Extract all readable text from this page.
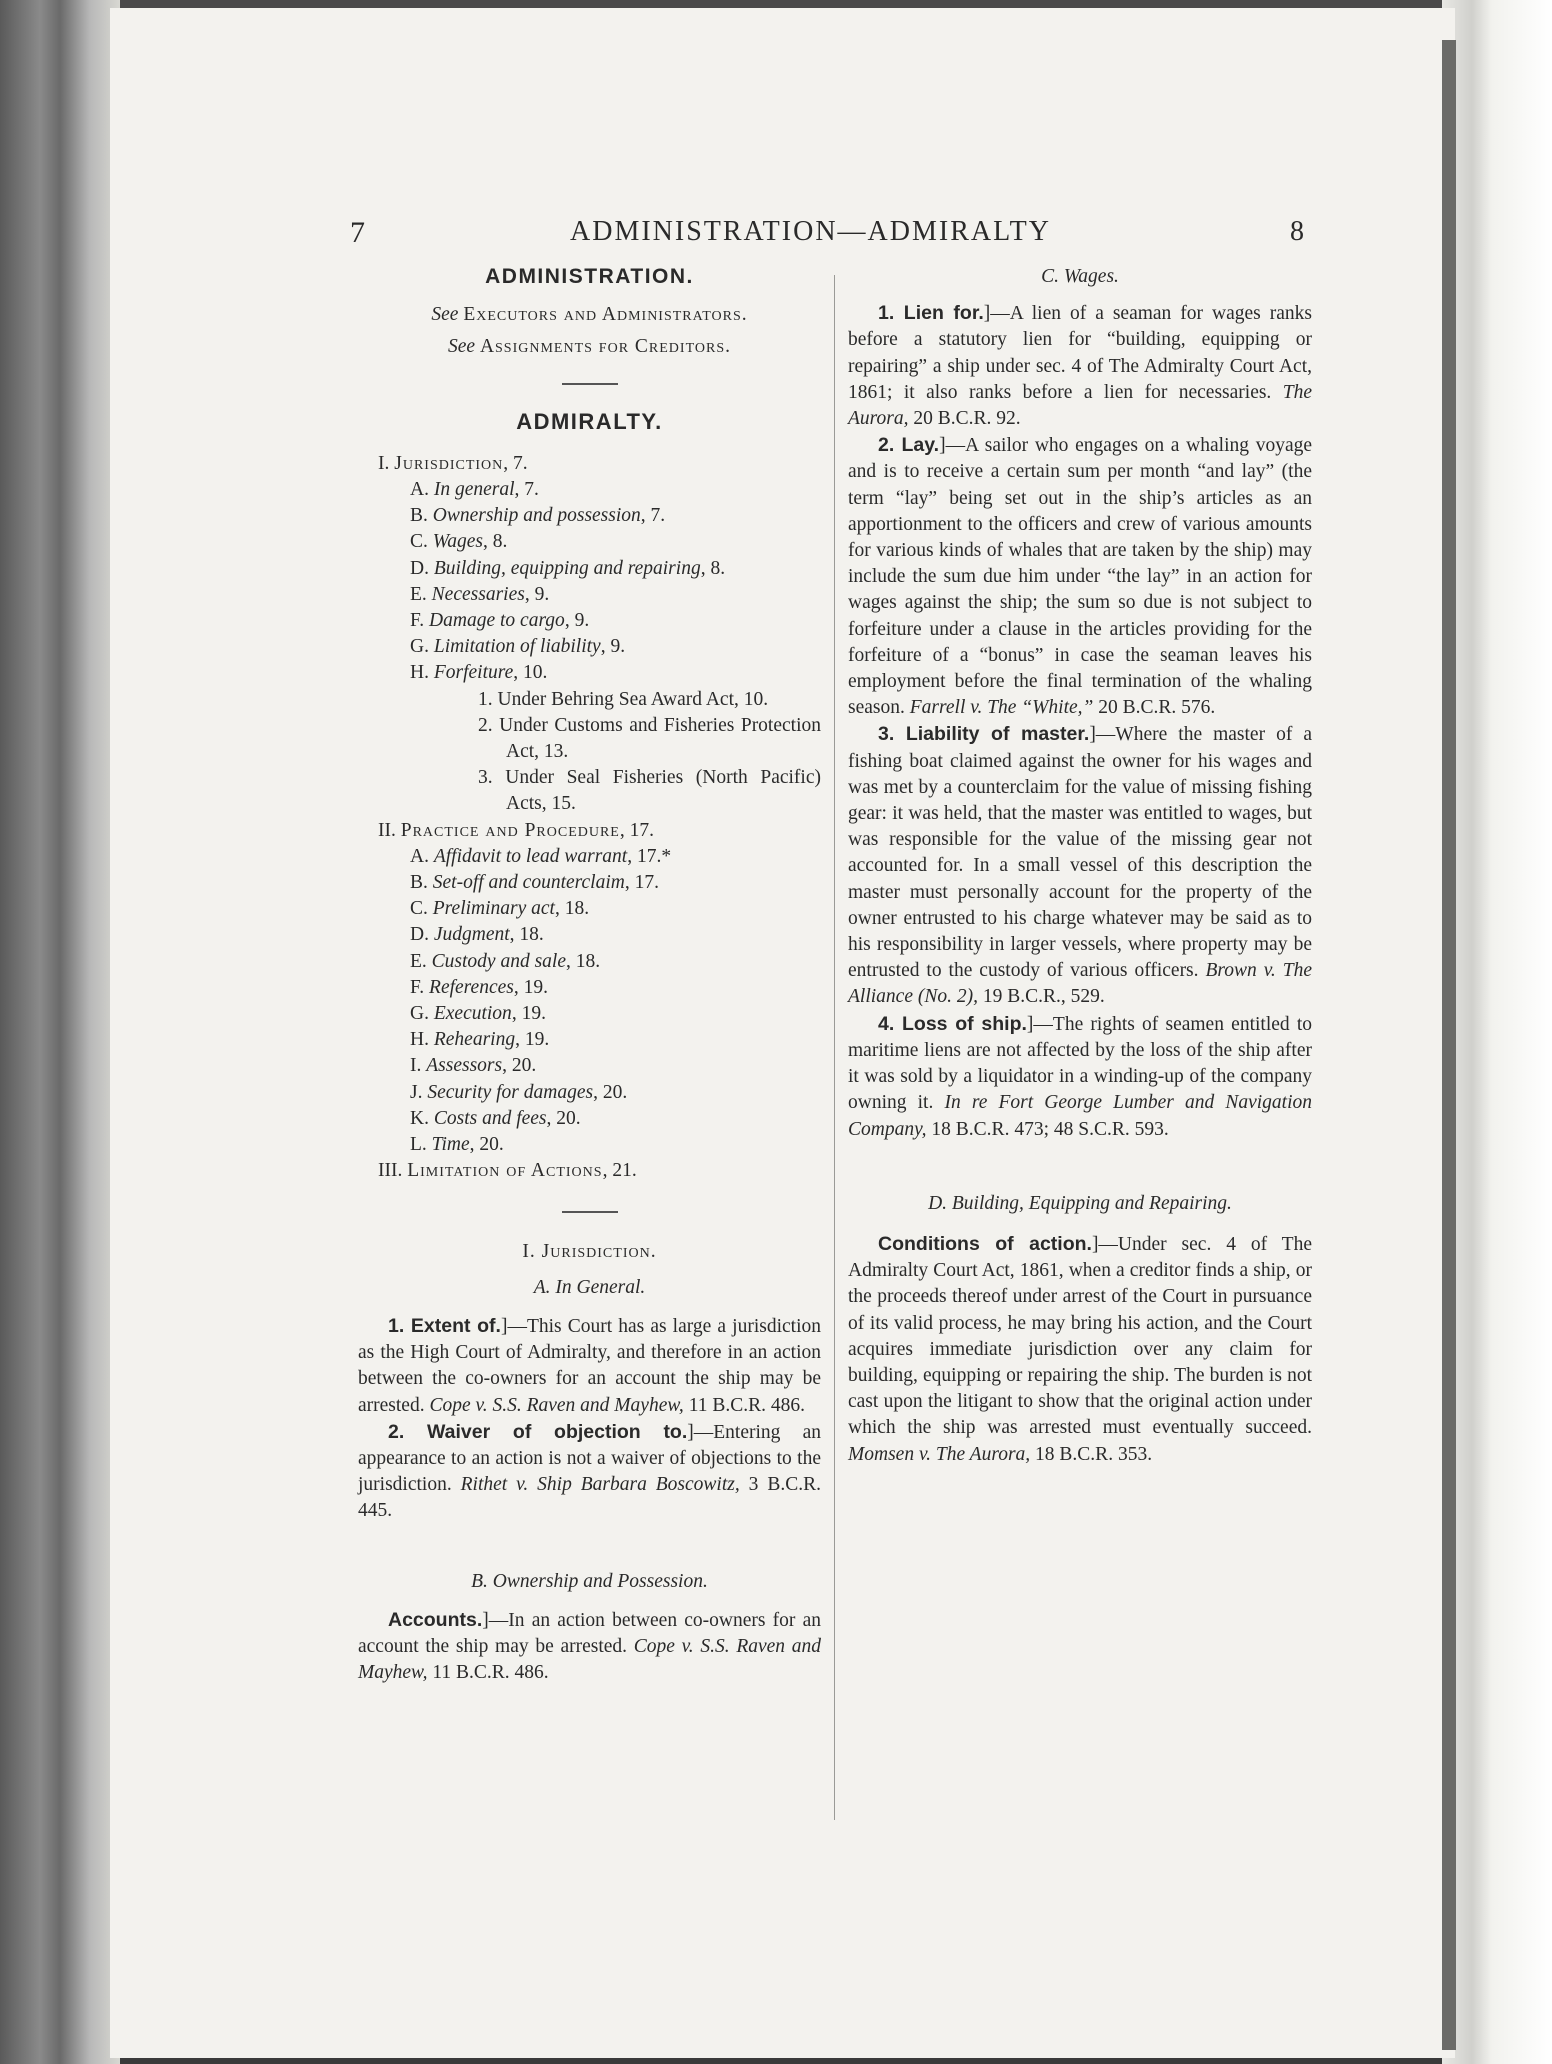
7	ADMINISTRATION—ADMIRALTY	8

ADMINISTRATION.

See Executors and Administrators.

See Assignments for Creditors.

ADMIRALTY.

I. Jurisdiction, 7.
A. In general, 7.
B. Ownership and possession, 7.
C. Wages, 8.
D. Building, equipping and repairing, 8.
E. Necessaries, 9.
F. Damage to cargo, 9.
G. Limitation of liability, 9.
H. Forfeiture, 10.
1. Under Behring Sea Award Act, 10.
2. Under Customs and Fisheries Protection Act, 13.
3. Under Seal Fisheries (North Pacific) Acts, 15.
II. Practice and Procedure, 17.
A. Affidavit to lead warrant, 17.*
B. Set-off and counterclaim, 17.
C. Preliminary act, 18.
D. Judgment, 18.
E. Custody and sale, 18.
F. References, 19.
G. Execution, 19.
H. Rehearing, 19.
I. Assessors, 20.
J. Security for damages, 20.
K. Costs and fees, 20.
L. Time, 20.
III. Limitation of Actions, 21.

I. Jurisdiction.

A. In General.

1. Extent of.]—This Court has as large a jurisdiction as the High Court of Admiralty, and therefore in an action between the co-owners for an account the ship may be arrested. Cope v. S.S. Raven and Mayhew, 11 B.C.R. 486.

2. Waiver of objection to.]—Entering an appearance to an action is not a waiver of objections to the jurisdiction. Rithet v. Ship Barbara Boscowitz, 3 B.C.R. 445.

B. Ownership and Possession.

Accounts.]—In an action between co-owners for an account the ship may be arrested. Cope v. S.S. Raven and Mayhew, 11 B.C.R. 486.

C. Wages.

1. Lien for.]—A lien of a seaman for wages ranks before a statutory lien for “building, equipping or repairing” a ship under sec. 4 of The Admiralty Court Act, 1861; it also ranks before a lien for necessaries. The Aurora, 20 B.C.R. 92.

2. Lay.]—A sailor who engages on a whaling voyage and is to receive a certain sum per month “and lay” (the term “lay” being set out in the ship’s articles as an apportionment to the officers and crew of various amounts for various kinds of whales that are taken by the ship) may include the sum due him under “the lay” in an action for wages against the ship; the sum so due is not subject to forfeiture under a clause in the articles providing for the forfeiture of a “bonus” in case the seaman leaves his employment before the final termination of the whaling season. Farrell v. The “White,” 20 B.C.R. 576.

3. Liability of master.]—Where the master of a fishing boat claimed against the owner for his wages and was met by a counterclaim for the value of missing fishing gear: it was held, that the master was entitled to wages, but was responsible for the value of the missing gear not accounted for. In a small vessel of this description the master must personally account for the property of the owner entrusted to his charge whatever may be said as to his responsibility in larger vessels, where property may be entrusted to the custody of various officers. Brown v. The Alliance (No. 2), 19 B.C.R., 529.

4. Loss of ship.]—The rights of seamen entitled to maritime liens are not affected by the loss of the ship after it was sold by a liquidator in a winding-up of the company owning it. In re Fort George Lumber and Navigation Company, 18 B.C.R. 473; 48 S.C.R. 593.

D. Building, Equipping and Repairing.

Conditions of action.]—Under sec. 4 of The Admiralty Court Act, 1861, when a creditor finds a ship, or the proceeds thereof under arrest of the Court in pursuance of its valid process, he may bring his action, and the Court acquires immediate jurisdiction over any claim for building, equipping or repairing the ship. The burden is not cast upon the litigant to show that the original action under which the ship was arrested must eventually succeed. Momsen v. The Aurora, 18 B.C.R. 353.
